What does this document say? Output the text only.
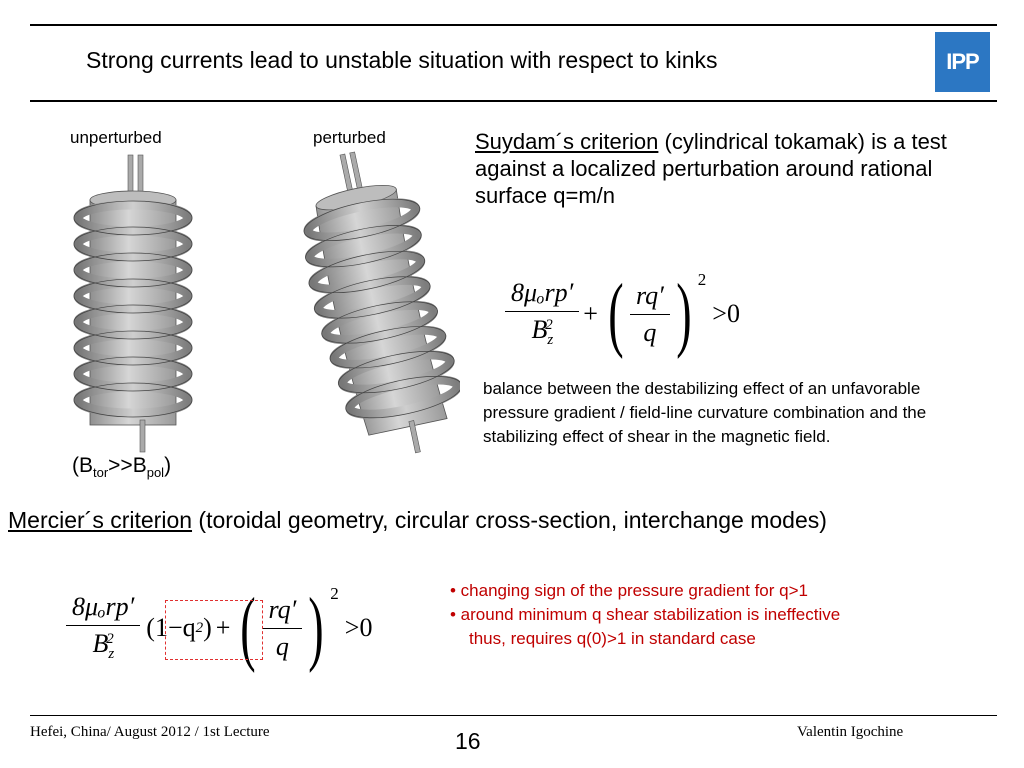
Strong currents lead to unstable situation with respect to kinks	IPP
unperturbed	perturbed
$(B_{tor}>>B_{pol})$
Suydam´s criterion (cylindrical tokamak) is a test against a localized perturbation around rational surface q=m/n
$\frac{\text{8μₒrp′}}{B_z^2}$ + ( $\frac{rq'}{q}$ ) 2
>0
balance between the destabilizing effect of an unfavorable pressure gradient / field-line curvature combination and the stabilizing effect of shear in the magnetic field.
Mercier´s criterion (toroidal geometry, circular cross-section, interchange modes)
$\frac{\text{8μₒrp′}}{B_z^2} (1-q$ 2 ) + ( $\frac{rq'}{q}$ ) 2
>0
• changing sign of the pressure gradient for q>1
• around minimum q shear stabilization is ineffective
thus, requires q(0)>1 in standard case
Hefei, China/ August 2012 / 1st Lecture	16	Valentin Igochine
